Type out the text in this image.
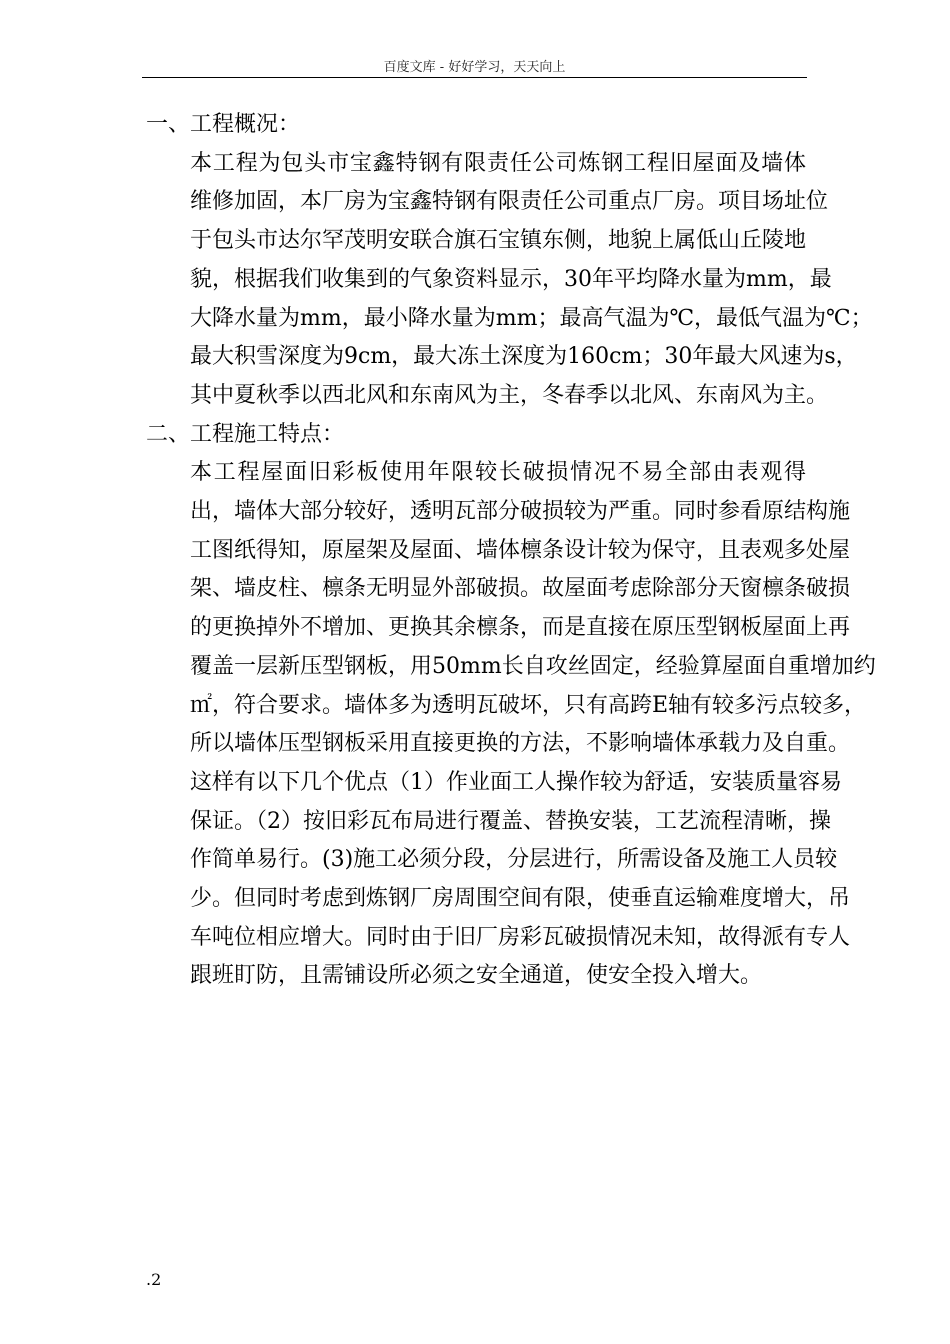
百度文库 - 好好学习，天天向上

一、工程概况：

本工程为包头市宝鑫特钢有限责任公司炼钢工程旧屋面及墙体
维修加固，本厂房为宝鑫特钢有限责任公司重点厂房。项目场址位
于包头市达尔罕茂明安联合旗石宝镇东侧，地貌上属低山丘陵地
貌，根据我们收集到的气象资料显示，30年平均降水量为mm，最
大降水量为mm，最小降水量为mm；最高气温为℃，最低气温为℃；
最大积雪深度为9cm，最大冻土深度为160cm；30年最大风速为s，
其中夏秋季以西北风和东南风为主，冬春季以北风、东南风为主。

二、工程施工特点：

本工程屋面旧彩板使用年限较长破损情况不易全部由表观得
出，墙体大部分较好，透明瓦部分破损较为严重。同时参看原结构施
工图纸得知，原屋架及屋面、墙体檩条设计较为保守，且表观多处屋
架、墙皮柱、檩条无明显外部破损。故屋面考虑除部分天窗檩条破损
的更换掉外不增加、更换其余檩条，而是直接在原压型钢板屋面上再
覆盖一层新压型钢板，用50mm长自攻丝固定，经验算屋面自重增加约
㎡，符合要求。墙体多为透明瓦破坏，只有高跨E轴有较多污点较多，
所以墙体压型钢板采用直接更换的方法，不影响墙体承载力及自重。
这样有以下几个优点（1）作业面工人操作较为舒适，安装质量容易
保证。（2）按旧彩瓦布局进行覆盖、替换安装，工艺流程清晰，操
作简单易行。(3)施工必须分段，分层进行，所需设备及施工人员较
少。但同时考虑到炼钢厂房周围空间有限，使垂直运输难度增大，吊
车吨位相应增大。同时由于旧厂房彩瓦破损情况未知，故得派有专人
跟班盯防，且需铺设所必须之安全通道，使安全投入增大。
.2
